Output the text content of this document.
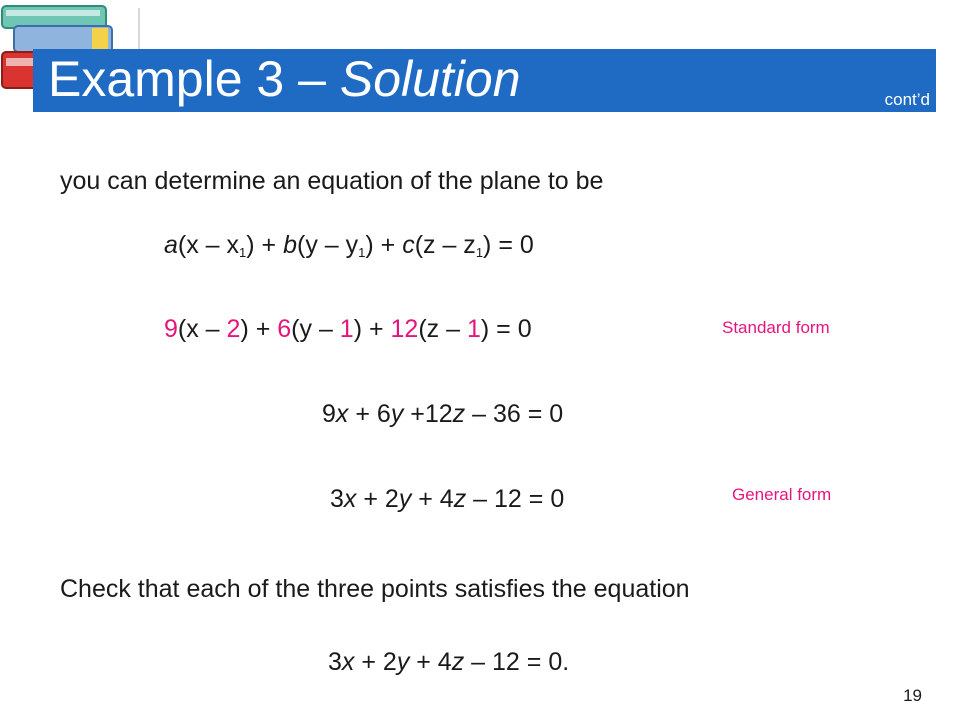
Example 3 – Solution	cont’d
you can determine an equation of the plane to be
$a(x - x_1) + b(y - y_1) + c(z - z_1) = 0$
9(x – 2) + 6(y – 1) + 12(z – 1) = 0	Standard form
9x + 6y +12z – 36 = 0
3x + 2y + 4z – 12 = 0	General form
Check that each of the three points satisfies the equation
3x + 2y + 4z – 12 = 0.
19
